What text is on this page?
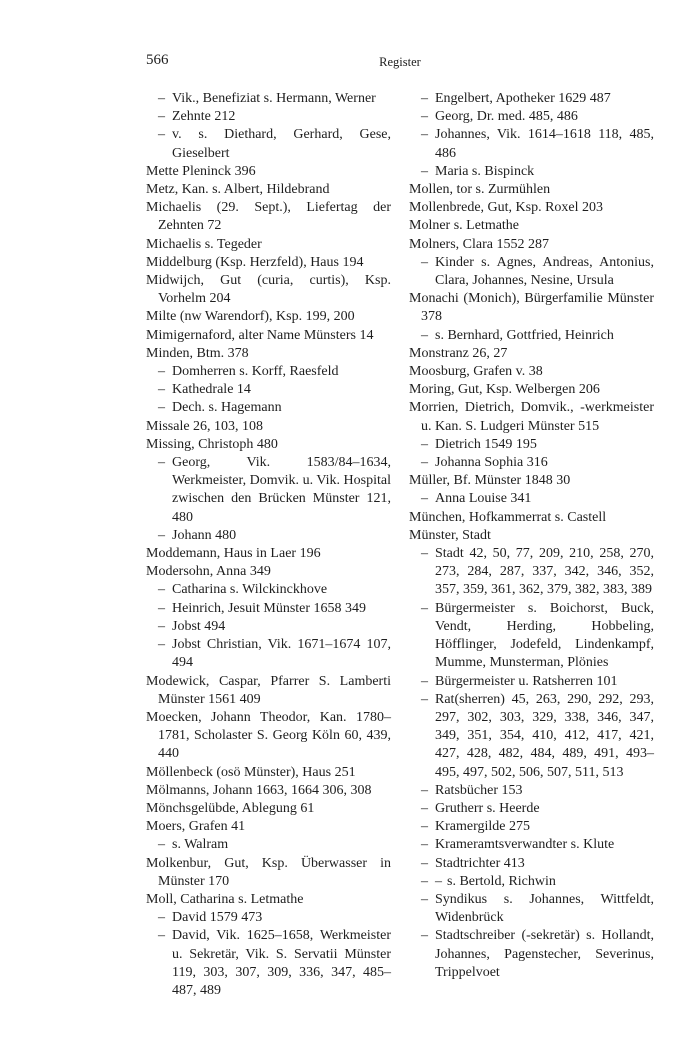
566	Register

– Vik., Benefiziat s. Hermann, Werner

– Zehnte 212

– v. s. Diethard, Gerhard, Gese, Gieselbert

Mette Pleninck 396

Metz, Kan. s. Albert, Hildebrand

Michaelis (29. Sept.), Liefertag der Zehnten 72

Michaelis s. Tegeder

Middelburg (Ksp. Herzfeld), Haus 194

Midwijch, Gut (curia, curtis), Ksp. Vorhelm 204

Milte (nw Warendorf), Ksp. 199, 200

Mimigernaford, alter Name Münsters 14

Minden, Btm. 378

– Domherren s. Korff, Raesfeld

– Kathedrale 14

– Dech. s. Hagemann

Missale 26, 103, 108

Missing, Christoph 480

– Georg, Vik. 1583/84–1634, Werkmeister, Domvik. u. Vik. Hospital zwischen den Brücken Münster 121, 480

– Johann 480

Moddemann, Haus in Laer 196

Modersohn, Anna 349

– Catharina s. Wilckinckhove

– Heinrich, Jesuit Münster 1658 349

– Jobst 494

– Jobst Christian, Vik. 1671–1674 107, 494

Modewick, Caspar, Pfarrer S. Lamberti Münster 1561 409

Moecken, Johann Theodor, Kan. 1780–1781, Scholaster S. Georg Köln 60, 439, 440

Möllenbeck (osö Münster), Haus 251

Mölmanns, Johann 1663, 1664 306, 308

Mönchsgelübde, Ablegung 61

Moers, Grafen 41

– s. Walram

Molkenbur, Gut, Ksp. Überwasser in Münster 170

Moll, Catharina s. Letmathe

– David 1579 473

– David, Vik. 1625–1658, Werkmeister u. Sekretär, Vik. S. Servatii Münster 119, 303, 307, 309, 336, 347, 485–487, 489

– Engelbert, Apotheker 1629 487

– Georg, Dr. med. 485, 486

– Johannes, Vik. 1614–1618 118, 485, 486

– Maria s. Bispinck

Mollen, tor s. Zurmühlen

Mollenbrede, Gut, Ksp. Roxel 203

Molner s. Letmathe

Molners, Clara 1552 287

– Kinder s. Agnes, Andreas, Antonius, Clara, Johannes, Nesine, Ursula

Monachi (Monich), Bürgerfamilie Münster 378

– s. Bernhard, Gottfried, Heinrich

Monstranz 26, 27

Moosburg, Grafen v. 38

Moring, Gut, Ksp. Welbergen 206

Morrien, Dietrich, Domvik., -werkmeister u. Kan. S. Ludgeri Münster 515

– Dietrich 1549 195

– Johanna Sophia 316

Müller, Bf. Münster 1848 30

– Anna Louise 341

München, Hofkammerrat s. Castell

Münster, Stadt

– Stadt 42, 50, 77, 209, 210, 258, 270, 273, 284, 287, 337, 342, 346, 352, 357, 359, 361, 362, 379, 382, 383, 389

– Bürgermeister s. Boichorst, Buck, Vendt, Herding, Hobbeling, Höfflinger, Jodefeld, Lindenkampf, Mumme, Munsterman, Plönies

– Bürgermeister u. Ratsherren 101

– Rat(sherren) 45, 263, 290, 292, 293, 297, 302, 303, 329, 338, 346, 347, 349, 351, 354, 410, 412, 417, 421, 427, 428, 482, 484, 489, 491, 493–495, 497, 502, 506, 507, 511, 513

– Ratsbücher 153

– Grutherr s. Heerde

– Kramergilde 275

– Krameramtsverwandter s. Klute

– Stadtrichter 413

– – s. Bertold, Richwin

– Syndikus s. Johannes, Wittfeldt, Widenbrück

– Stadtschreiber (-sekretär) s. Hollandt, Johannes, Pagenstecher, Severinus, Trippelvoet
